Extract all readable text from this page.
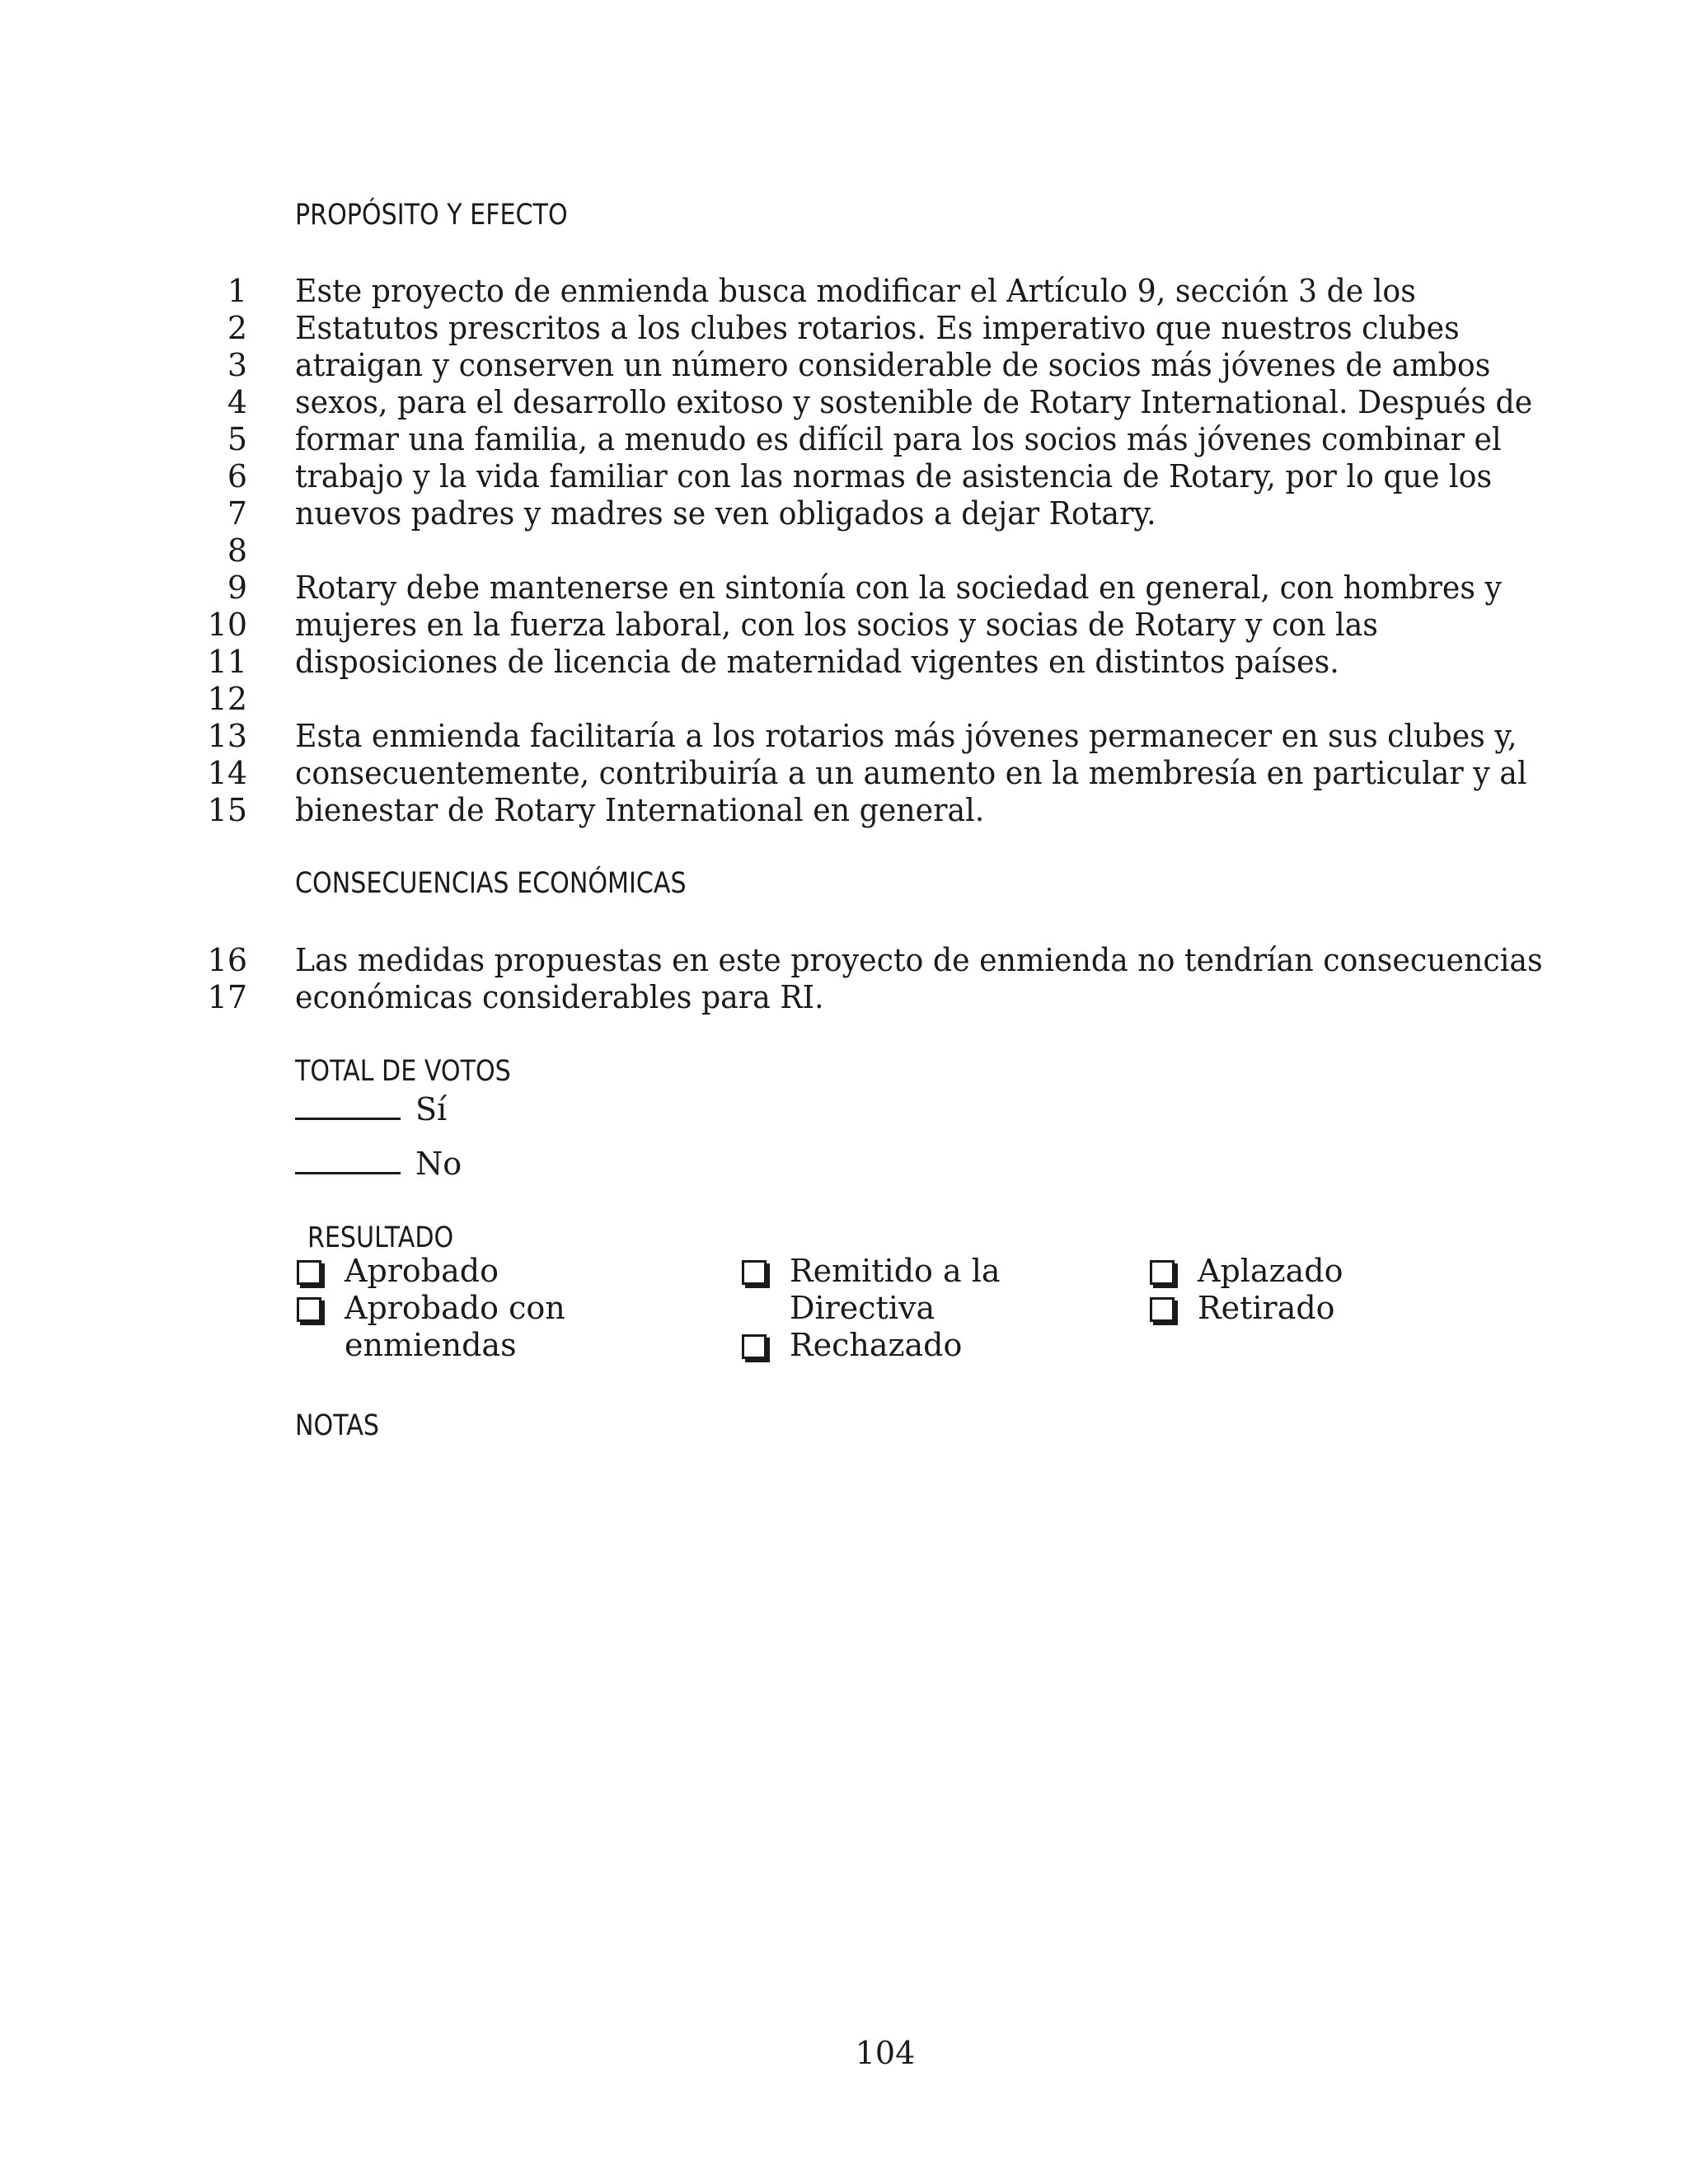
PROPÓSITO Y EFECTO
CONSECUENCIAS ECONÓMICAS
TOTAL DE VOTOS
RESULTADO
NOTAS
1 Este proyecto de enmienda busca modificar el Artículo 9, sección 3 de los
2 Estatutos prescritos a los clubes rotarios. Es imperativo que nuestros clubes
3 atraigan y conserven un número considerable de socios más jóvenes de ambos
4 sexos, para el desarrollo exitoso y sostenible de Rotary International. Después de
5 formar una familia, a menudo es difícil para los socios más jóvenes combinar el
6 trabajo y la vida familiar con las normas de asistencia de Rotary, por lo que los
7 nuevos padres y madres se ven obligados a dejar Rotary.
8
9 Rotary debe mantenerse en sintonía con la sociedad en general, con hombres y
10 mujeres en la fuerza laboral, con los socios y socias de Rotary y con las
11 disposiciones de licencia de maternidad vigentes en distintos países.
12
13 Esta enmienda facilitaría a los rotarios más jóvenes permanecer en sus clubes y,
14 consecuentemente, contribuiría a un aumento en la membresía en particular y al
15 bienestar de Rotary International en general.
16 Las medidas propuestas en este proyecto de enmienda no tendrían consecuencias
17 económicas considerables para RI.
Sí
No
Aprobado
Aprobado con
enmiendas
Remitido a la
Directiva
Rechazado
Aplazado
Retirado
104
